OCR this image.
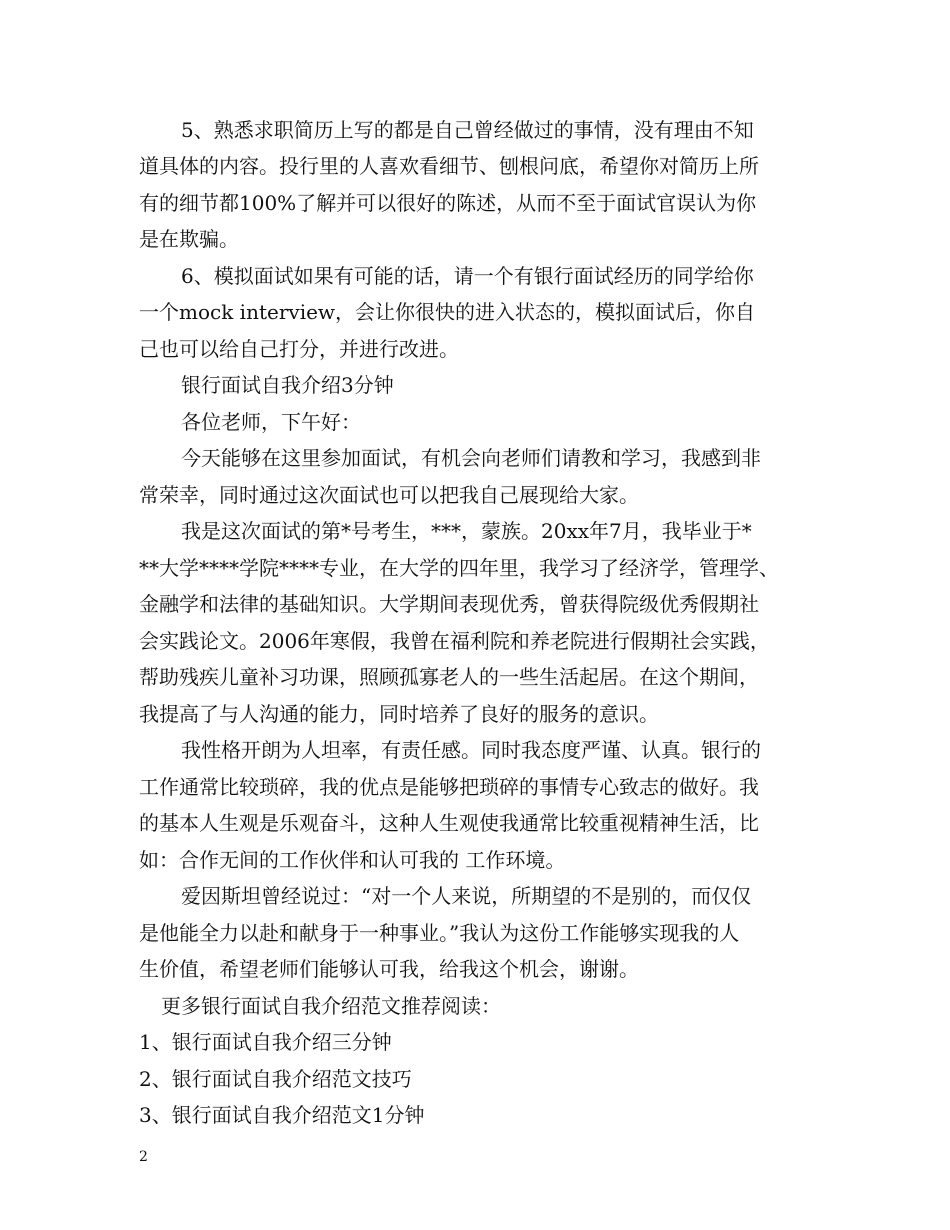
5、熟悉求职简历上写的都是自己曾经做过的事情，没有理由不知
道具体的内容。投行里的人喜欢看细节、刨根问底，希望你对简历上所
有的细节都100%了解并可以很好的陈述，从而不至于面试官误认为你
是在欺骗。
6、模拟面试如果有可能的话，请一个有银行面试经历的同学给你
一个mock interview，会让你很快的进入状态的，模拟面试后，你自
己也可以给自己打分，并进行改进。
银行面试自我介绍3分钟
各位老师，下午好：
今天能够在这里参加面试，有机会向老师们请教和学习，我感到非
常荣幸，同时通过这次面试也可以把我自己展现给大家。
我是这次面试的第*号考生，***，蒙族。20xx年7月，我毕业于*
**大学****学院****专业，在大学的四年里，我学习了经济学，管理学、
金融学和法律的基础知识。大学期间表现优秀，曾获得院级优秀假期社
会实践论文。2006年寒假，我曾在福利院和养老院进行假期社会实践，
帮助残疾儿童补习功课，照顾孤寡老人的一些生活起居。在这个期间，
我提高了与人沟通的能力，同时培养了良好的服务的意识。
我性格开朗为人坦率，有责任感。同时我态度严谨、认真。银行的
工作通常比较琐碎，我的优点是能够把琐碎的事情专心致志的做好。我
的基本人生观是乐观奋斗，这种人生观使我通常比较重视精神生活，比
如：合作无间的工作伙伴和认可我的 工作环境。
爱因斯坦曾经说过：“对一个人来说，所期望的不是别的，而仅仅
是他能全力以赴和献身于一种事业。”我认为这份工作能够实现我的人
生价值，希望老师们能够认可我，给我这个机会，谢谢。
更多银行面试自我介绍范文推荐阅读：
1、银行面试自我介绍三分钟
2、银行面试自我介绍范文技巧
3、银行面试自我介绍范文1分钟
2
